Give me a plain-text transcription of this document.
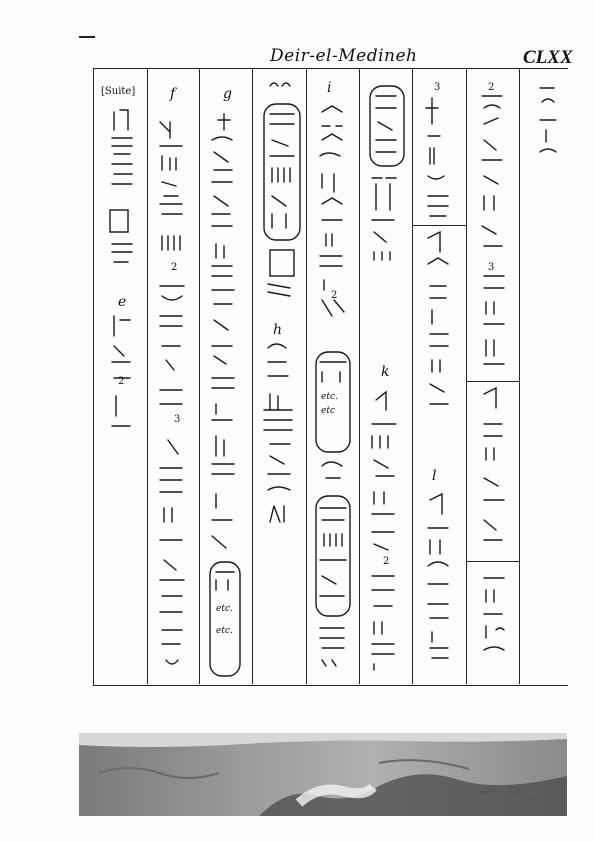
Deir-el-Medineh	CLXX
[Suite] f	g
h
i
k
l
e
2
3
2
2
3
2
2
3
etc.
etc.
etc.
etc
